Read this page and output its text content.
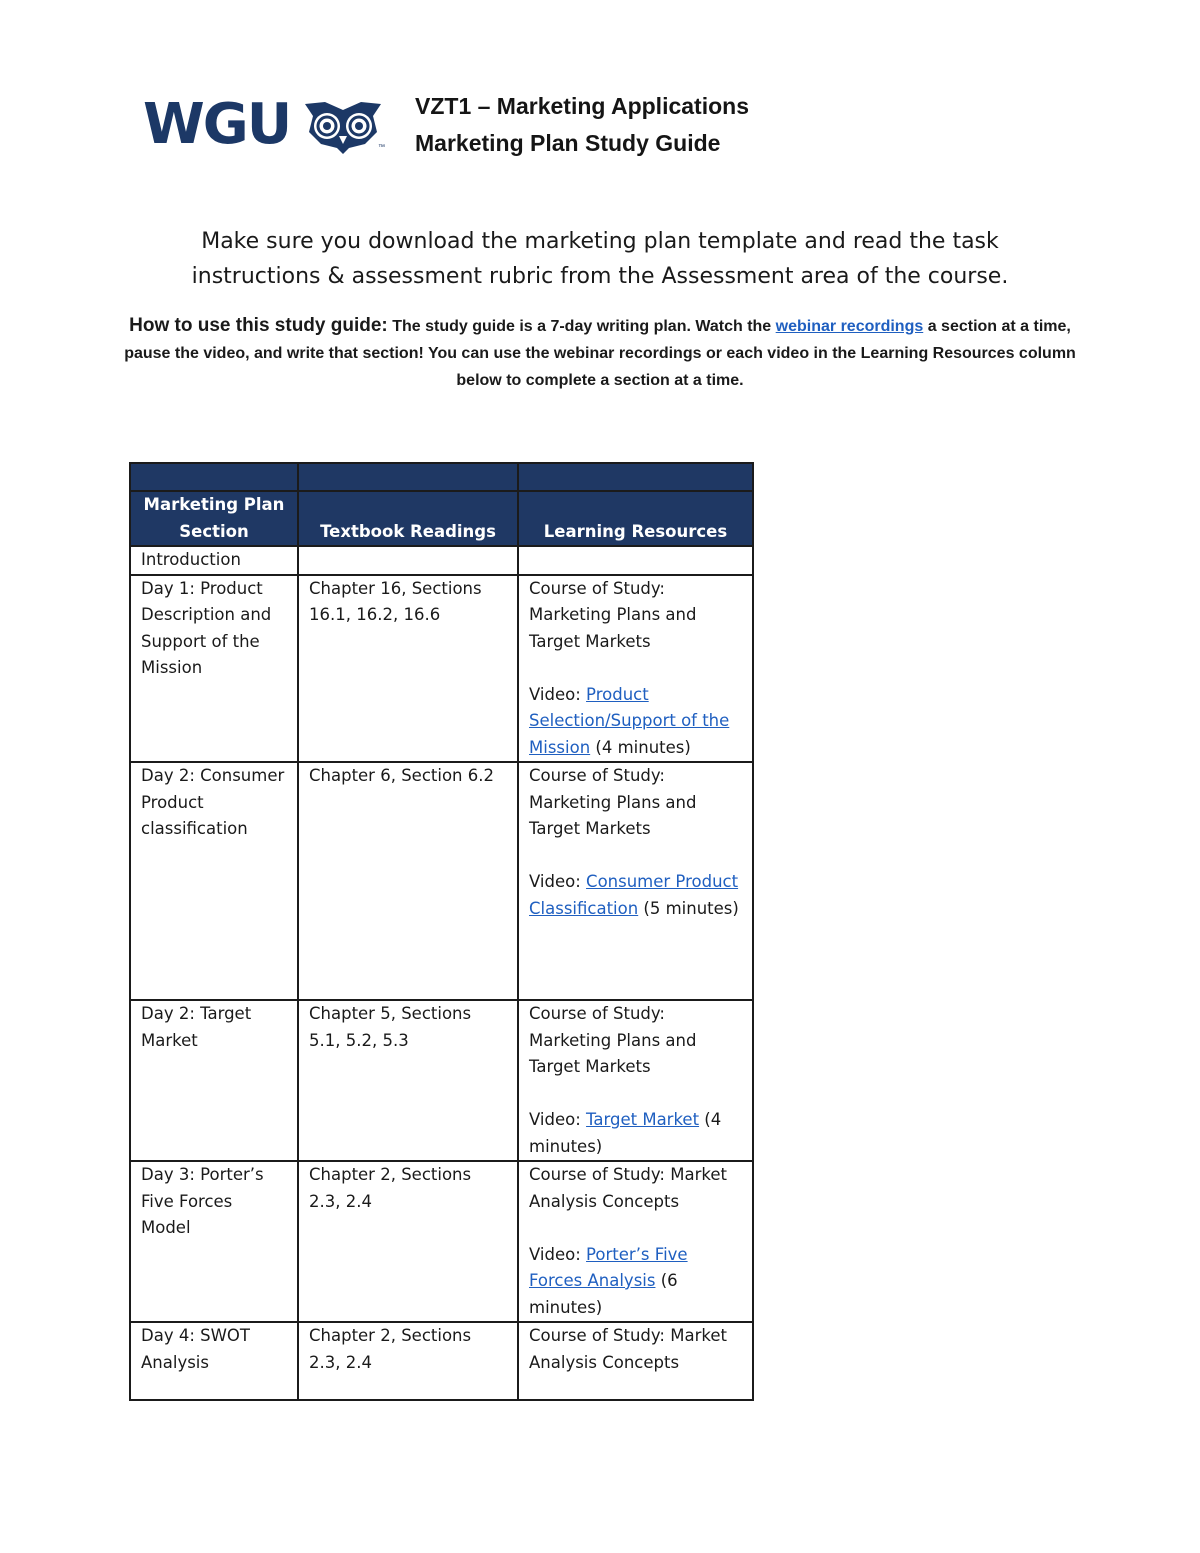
WGU	™
VZT1 – Marketing Applications
Marketing Plan Study Guide
Make sure you download the marketing plan template and read the task
instructions & assessment rubric from the Assessment area of the course.
How to use this study guide: The study guide is a 7-day writing plan. Watch the webinar recordings a section at a time, pause the video, and write that section! You can use the webinar recordings or each video in the Learning Resources column below to complete a section at a time.

Marketing Plan Section	Textbook Readings	Learning Resources
Introduction		
Day 1: Product Description and Support of the Mission	Chapter 16, Sections 16.1, 16.2, 16.6	Course of Study: Marketing Plans and Target Markets
Video: Product Selection/Support of the Mission (4 minutes)
Day 2: Consumer Product classification	Chapter 6, Section 6.2	Course of Study: Marketing Plans and Target Markets
Video: Consumer Product Classification (5 minutes)
Day 2: Target Market	Chapter 5, Sections 5.1, 5.2, 5.3	Course of Study: Marketing Plans and Target Markets
Video: Target Market (4 minutes)
Day 3: Porter’s Five Forces Model	Chapter 2, Sections 2.3, 2.4	Course of Study: Market Analysis Concepts
Video: Porter’s Five Forces Analysis (6 minutes)
Day 4: SWOT Analysis	Chapter 2, Sections 2.3, 2.4	Course of Study: Market Analysis Concepts
